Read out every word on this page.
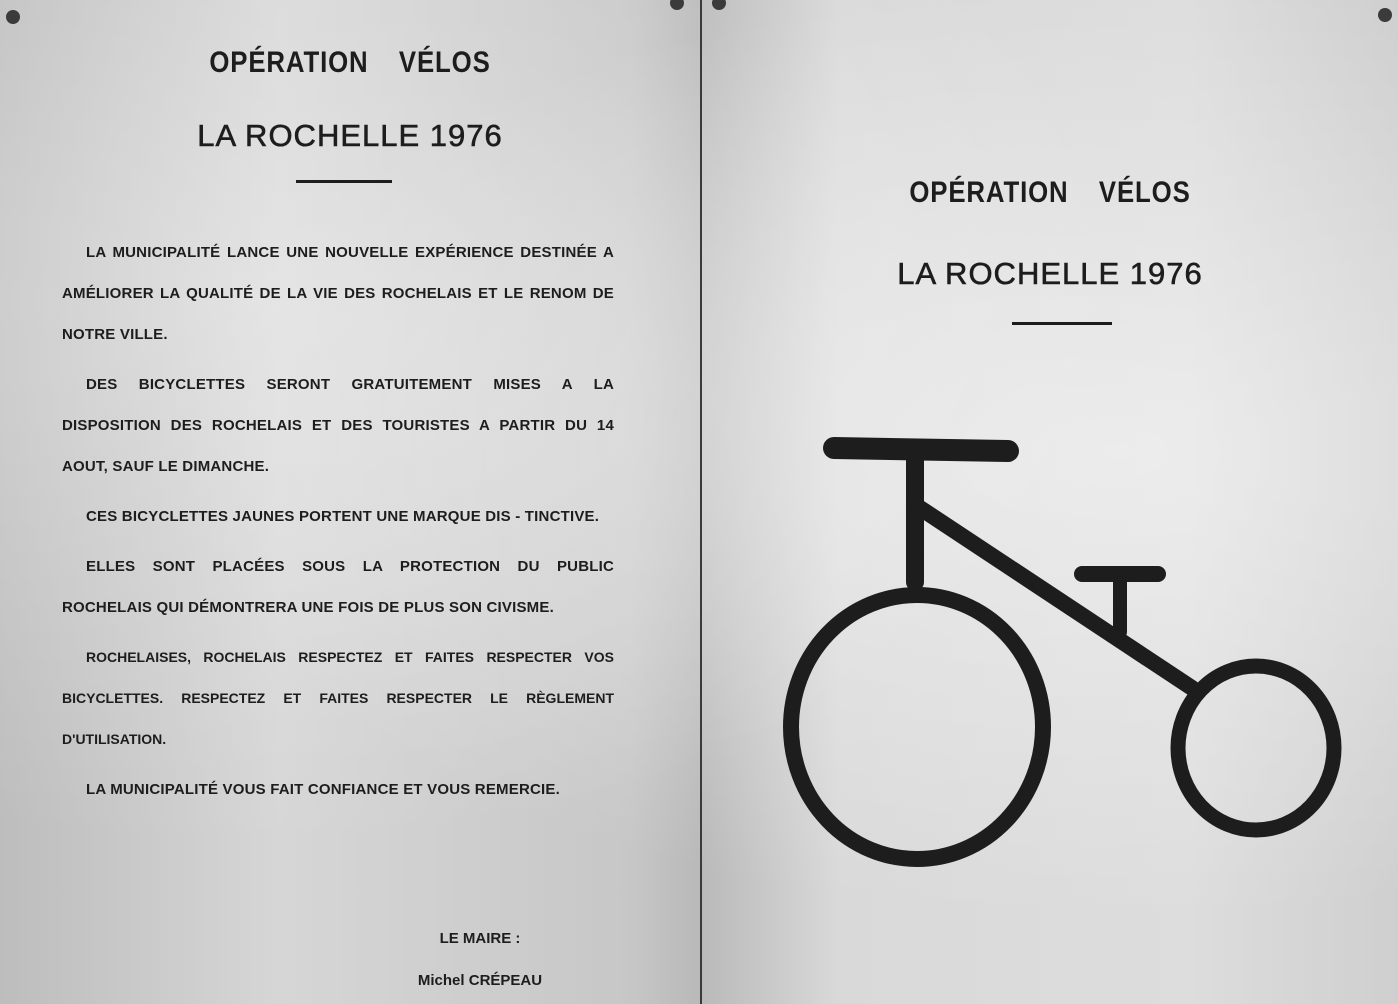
OPÉRATION VÉLOS
LA ROCHELLE 1976

LA MUNICIPALITÉ LANCE UNE NOUVELLE EXPÉRIENCE DESTINÉE A AMÉLIORER LA QUALITÉ DE LA VIE DES ROCHELAIS ET LE RENOM DE NOTRE VILLE.

DES BICYCLETTES SERONT GRATUITEMENT MISES A LA DISPOSITION DES ROCHELAIS ET DES TOURISTES A PARTIR DU 14 AOUT, SAUF LE DIMANCHE.

CES BICYCLETTES JAUNES PORTENT UNE MARQUE DIS - TINCTIVE.

ELLES SONT PLACÉES SOUS LA PROTECTION DU PUBLIC ROCHELAIS QUI DÉMONTRERA UNE FOIS DE PLUS SON CIVISME.

ROCHELAISES, ROCHELAIS RESPECTEZ ET FAITES RESPECTER VOS BICYCLETTES. RESPECTEZ ET FAITES RESPECTER LE RÈGLEMENT D'UTILISATION.

LA MUNICIPALITÉ VOUS FAIT CONFIANCE ET VOUS REMERCIE.

LE MAIRE :
Michel CRÉPEAU
OPÉRATION VÉLOS
LA ROCHELLE 1976
